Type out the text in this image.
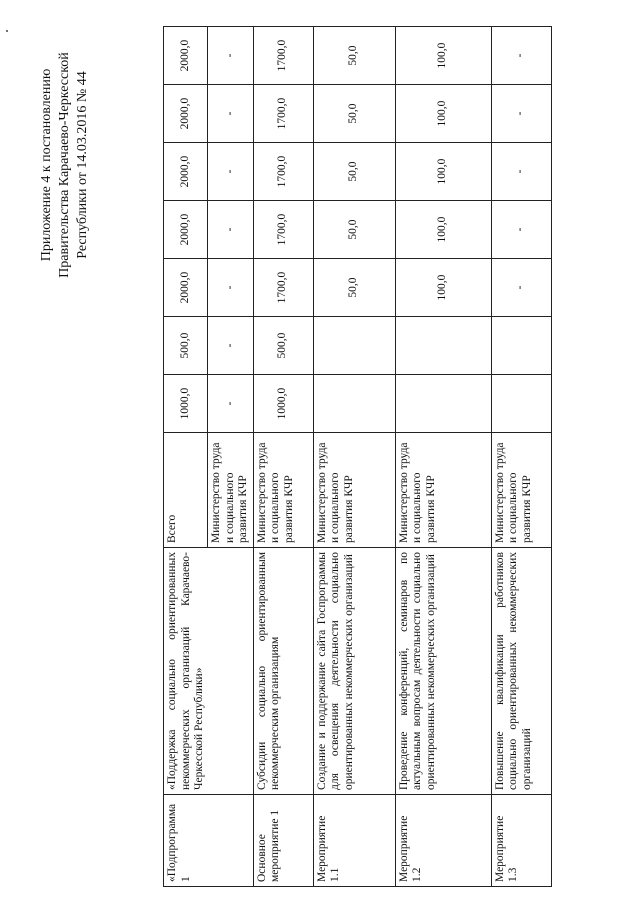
Приложение 4 к постановлению Правительства Карачаево-Черкесской Республики от 14.03.2016 № 44
«Подпрограмма 1	«Поддержка социально ориентированных некоммерческих организаций Карачаево-Черкесской Республики»	Всего	1000,0	500,0	2000,0	2000,0	2000,0	2000,0	2000,0
		Министерство труда и социального развития КЧР	-	-	-	-	-	-	-
Основное мероприятие 1	Субсидии социально ориентированным некоммерческим организациям	Министерство труда и социального развития КЧР	1000,0	500,0	1700,0	1700,0	1700,0	1700,0	1700,0
Мероприятие 1.1	Создание и поддержание сайта Госпрограммы для освещения деятельности социально ориентированных некоммерческих организаций	Министерство труда и социального развития КЧР			50,0	50,0	50,0	50,0	50,0
Мероприятие 1.2	Проведение конференций, семинаров по актуальным вопросам деятельности социально ориентированных некоммерческих организаций	Министерство труда и социального развития КЧР			100,0	100,0	100,0	100,0	100,0
Мероприятие 1.3	Повышение квалификации работников социально ориентированных некоммерческих организаций	Министерство труда и социального развития КЧР			-	-	-	-	-
